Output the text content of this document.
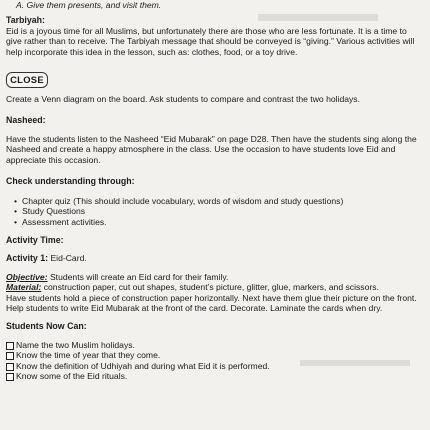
A. Give them presents, and visit them.
Tarbiyah:
Eid is a joyous time for all Muslims, but unfortunately there are those who are less fortunate. It is a time to give rather than to receive. The Tarbiyah message that should be conveyed is “giving.” Various activities will help incorporate this idea in the lesson, such as: clothes, food, or a toy drive.
CLOSE
Create a Venn diagram on the board. Ask students to compare and contrast the two holidays.
Nasheed:
Have the students listen to the Nasheed “Eid Mubarak” on page D28. Then have the students sing along the Nasheed and create a happy atmosphere in the class. Use the occasion to have students love Eid and appreciate this occasion.
Check understanding through:
• Chapter quiz (This should include vocabulary, words of wisdom and study questions)
• Study Questions
• Assessment activities.
Activity Time:
Activity 1: Eid-Card.
Objective: Students will create an Eid card for their family.
Material: construction paper, cut out shapes, student’s picture, glitter, glue, markers, and scissors.
Have students hold a piece of construction paper horizontally. Next have them glue their picture on the front. Help students to write Eid Mubarak at the front of the card. Decorate. Laminate the cards when dry.
Students Now Can:
Name the two Muslim holidays.
Know the time of year that they come.
Know the definition of Udhiyah and during what Eid it is performed.
Know some of the Eid rituals.
